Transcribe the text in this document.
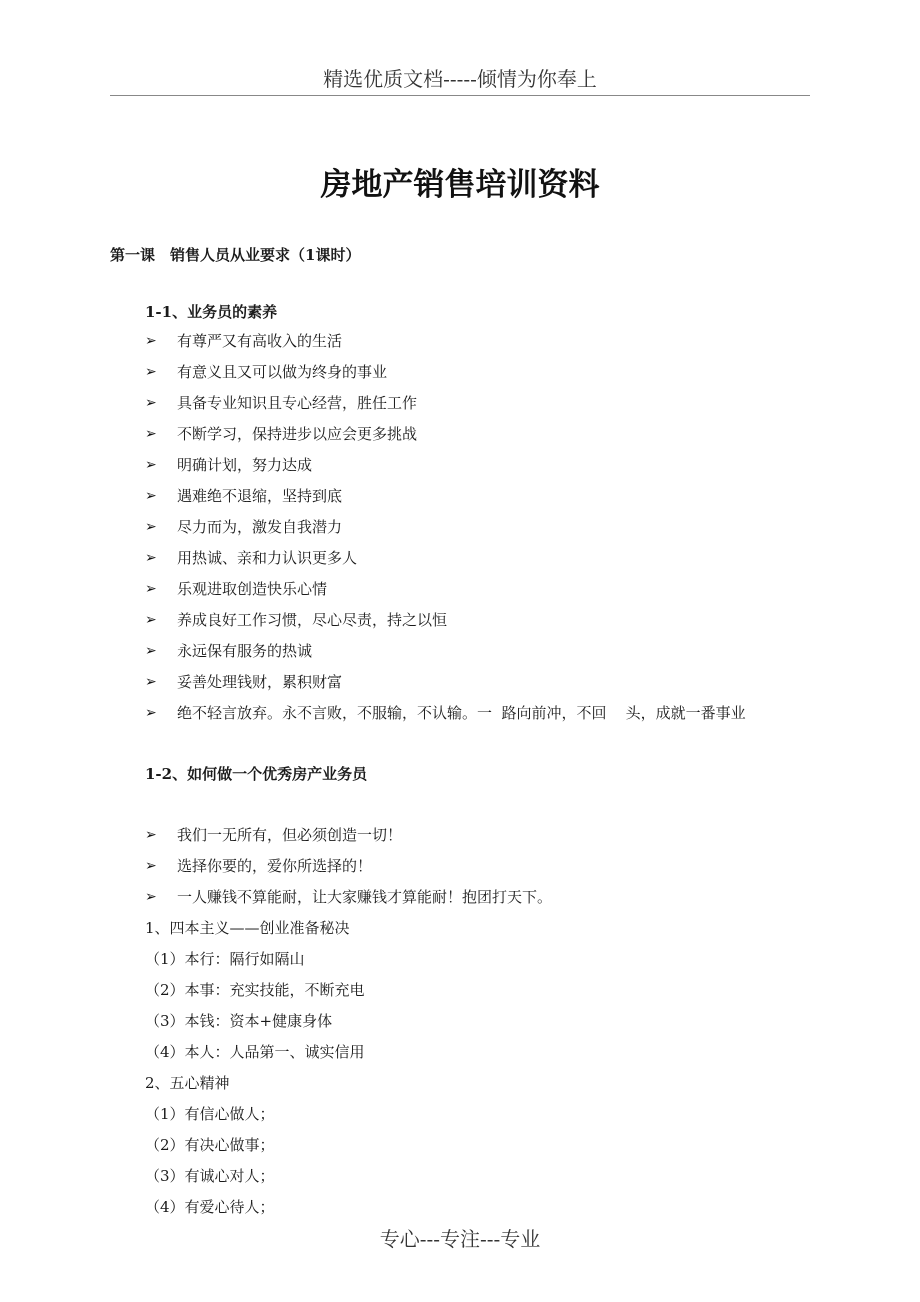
精选优质文档-----倾情为你奉上
房地产销售培训资料
第一课　销售人员从业要求（1课时）
1-1、业务员的素养
➢ 有尊严又有高收入的生活
➢ 有意义且又可以做为终身的事业
➢ 具备专业知识且专心经营，胜任工作
➢ 不断学习，保持进步以应会更多挑战
➢ 明确计划，努力达成
➢ 遇难绝不退缩，坚持到底
➢ 尽力而为，激发自我潜力
➢ 用热诚、亲和力认识更多人
➢ 乐观进取创造快乐心情
➢ 养成良好工作习惯，尽心尽责，持之以恒
➢ 永远保有服务的热诚
➢ 妥善处理钱财，累积财富
➢ 绝不轻言放弃。永不言败，不服输，不认输。一  路向前冲，不回    头，成就一番事业
1-2、如何做一个优秀房产业务员
➢ 我们一无所有，但必须创造一切！
➢ 选择你要的，爱你所选择的！
➢ 一人赚钱不算能耐，让大家赚钱才算能耐！抱团打天下。
1、四本主义——创业准备秘决
（1）本行：隔行如隔山
（2）本事：充实技能，不断充电
（3）本钱：资本+健康身体
（4）本人：人品第一、诚实信用
2、五心精神
（1）有信心做人；
（2）有决心做事；
（3）有诚心对人；
（4）有爱心待人；
专心---专注---专业
